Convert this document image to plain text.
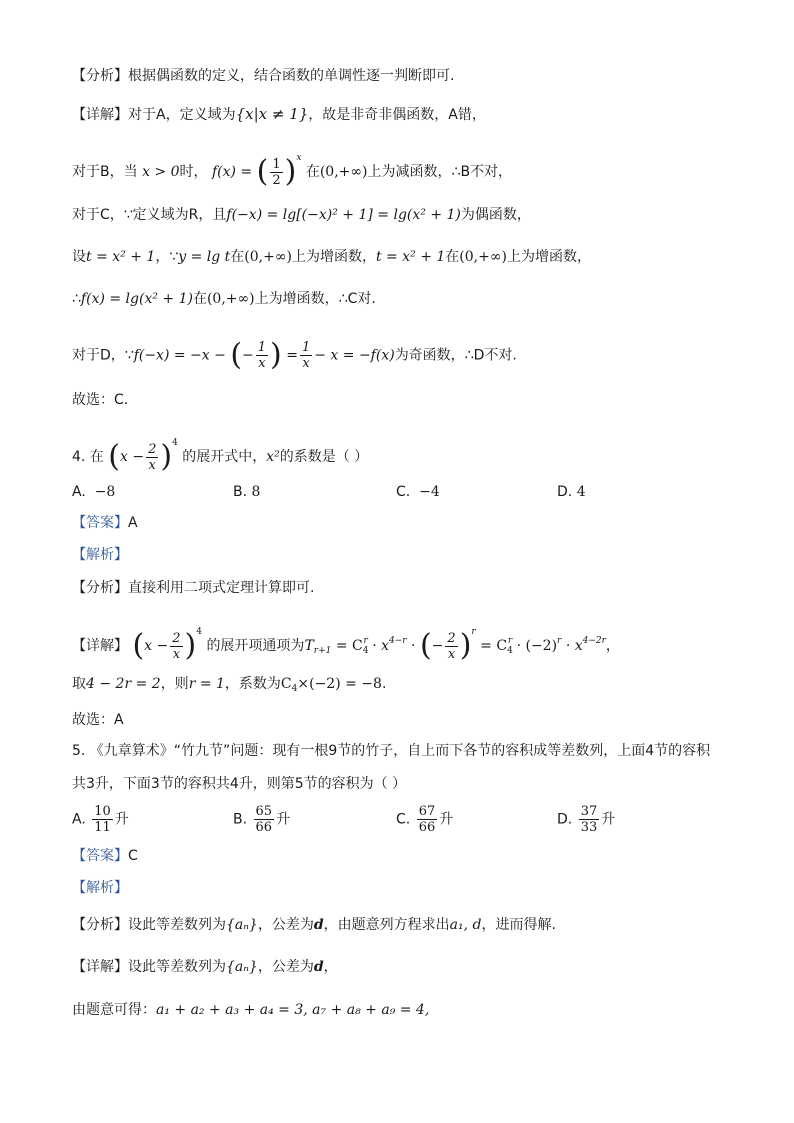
【分析】根据偶函数的定义，结合函数的单调性逐一判断即可.
【详解】对于A，定义域为{x|x ≠ 1}，故是非奇非偶函数，A错，
对于B，当 x > 0时， f(x) = ( $\frac{1}{2} )^x$ 在(0,+∞)上为减函数，∴B不对，
对于C，∵定义域为R，且f(−x) = lg[(−x)² + 1] = lg(x² + 1)为偶函数，
设t = x² + 1，∵y = lg t在(0,+∞)上为增函数，t = x² + 1在(0,+∞)上为增函数，
∴f(x) = lg(x² + 1)在(0,+∞)上为增函数，∴C对.
对于D，∵f(−x) = −x − (− $\frac{1}{x}$ ) = $\frac{1}{x} - x = -f(x)$为奇函数，∴D不对.
故选：C.
4. 在 $(x - \frac{2}{x} )^4$ 的展开式中，x²的系数是（ ）
A. −8	B. 8	C. −4	D. 4
【答案】A
【解析】
【分析】直接利用二项式定理计算即可.
【详解】 $(x - \frac{2}{x} )^4$ 的展开项通项为$T_{r+1} = C_4^r \cdot x^{4-r}$ · (− $\frac{2}{x} )^r = C_4^r \cdot (-2)^r \cdot x^{4-2r}$，
取4 − 2r = 2，则r = 1，系数为$C_4\times(-2) = -8$.
故选：A
5. 《九章算术》“竹九节”问题：现有一根9节的竹子，自上而下各节的容积成等差数列，上面4节的容积
共3升，下面3节的容积共4升，则第5节的容积为（ ）
A. $\frac{10}{11}$ 升	B. $\frac{65}{66}$ 升	C. $\frac{67}{66}$ 升	D. $\frac{37}{33}$ 升
【答案】C
【解析】
【分析】设此等差数列为{aₙ}，公差为d，由题意列方程求出a₁, d，进而得解.
【详解】设此等差数列为{aₙ}，公差为d，
由题意可得：a₁ + a₂ + a₃ + a₄ = 3, a₇ + a₈ + a₉ = 4,
